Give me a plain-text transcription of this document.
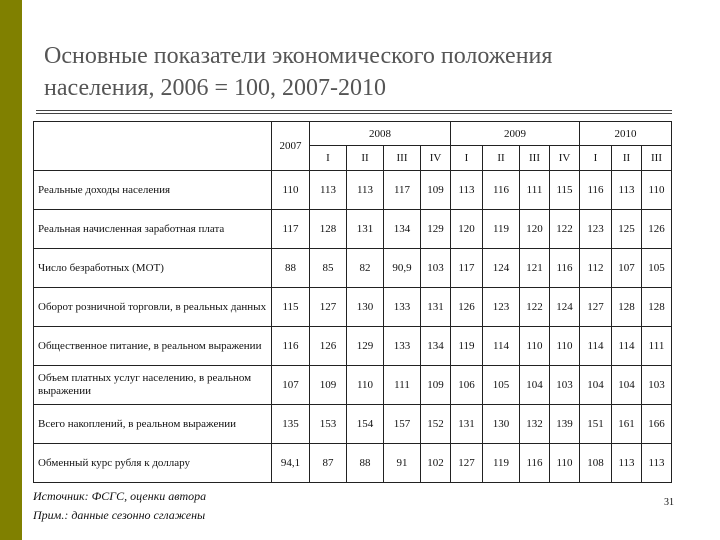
Основные показатели экономического положения
населения, 2006 = 100, 2007-2010
	2007	2008				2009				2010		
		I	II	III	IV	I	II	III	IV	I	II	III
Реальные доходы населения	110	113	113	117	109	113	116	111	115	116	113	110
Реальная начисленная заработная плата	117	128	131	134	129	120	119	120	122	123	125	126
Число безработных (МОТ)	88	85	82	90,9	103	117	124	121	116	112	107	105
Оборот розничной торговли, в реальных данных	115	127	130	133	131	126	123	122	124	127	128	128
Общественное питание, в реальном выражении	116	126	129	133	134	119	114	110	110	114	114	111
Объем платных услуг населению, в реальном выражении	107	109	110	111	109	106	105	104	103	104	104	103
Всего накоплений, в реальном выражении	135	153	154	157	152	131	130	132	139	151	161	166
Обменный курс рубля к доллару	94,1	87	88	91	102	127	119	116	110	108	113	113
Источник: ФСГС, оценки автора
Прим.: данные сезонно сглажены
31
